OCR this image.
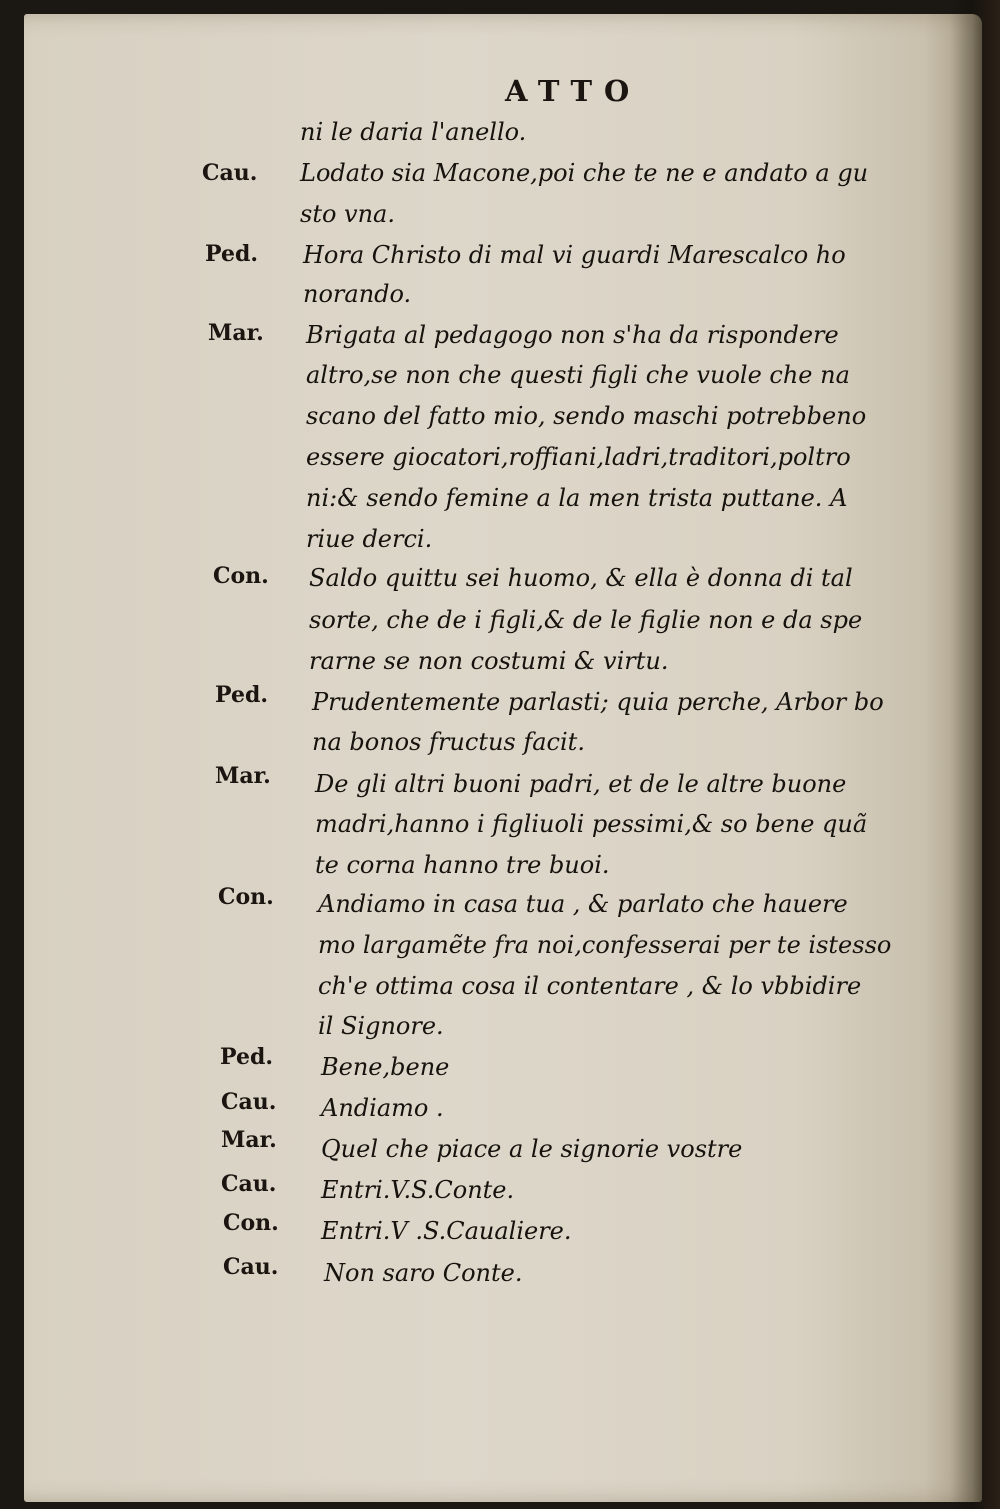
ATTO
ni le daria l'anello.
Lodato sia Macone,poi che te ne e andato a gu
sto vna.
Hora Christo di mal vi guardi Marescalco ho
norando.
Brigata al pedagogo non s'ha da rispondere
altro,se non che questi figli che vuole che na
scano del fatto mio, sendo maschi potrebbeno
essere giocatori,roffiani,ladri,traditori,poltro
ni:& sendo femine a la men trista puttane. A
riue derci.
Saldo quittu sei huomo, & ella è donna di tal
sorte, che de i figli,& de le figlie non e da spe
rarne se non costumi & virtu.
Prudentemente parlasti; quia perche, Arbor bo
na bonos fructus facit.
De gli altri buoni padri, et de le altre buone
madri,hanno i figliuoli pessimi,& so bene quã
te corna hanno tre buoi.
Andiamo in casa tua , & parlato che hauere
mo largamẽte fra noi,confesserai per te istesso
ch'e ottima cosa il contentare , & lo vbbidire
il Signore.
Bene,bene
Andiamo .
Quel che piace a le signorie vostre
Entri.V.S.Conte.
Entri.V .S.Caualiere.
Non saro Conte.
Cau.
Ped.
Mar.
Con.
Ped.
Mar.
Con.
Ped.
Cau.
Mar.
Cau.
Con.
Cau.
